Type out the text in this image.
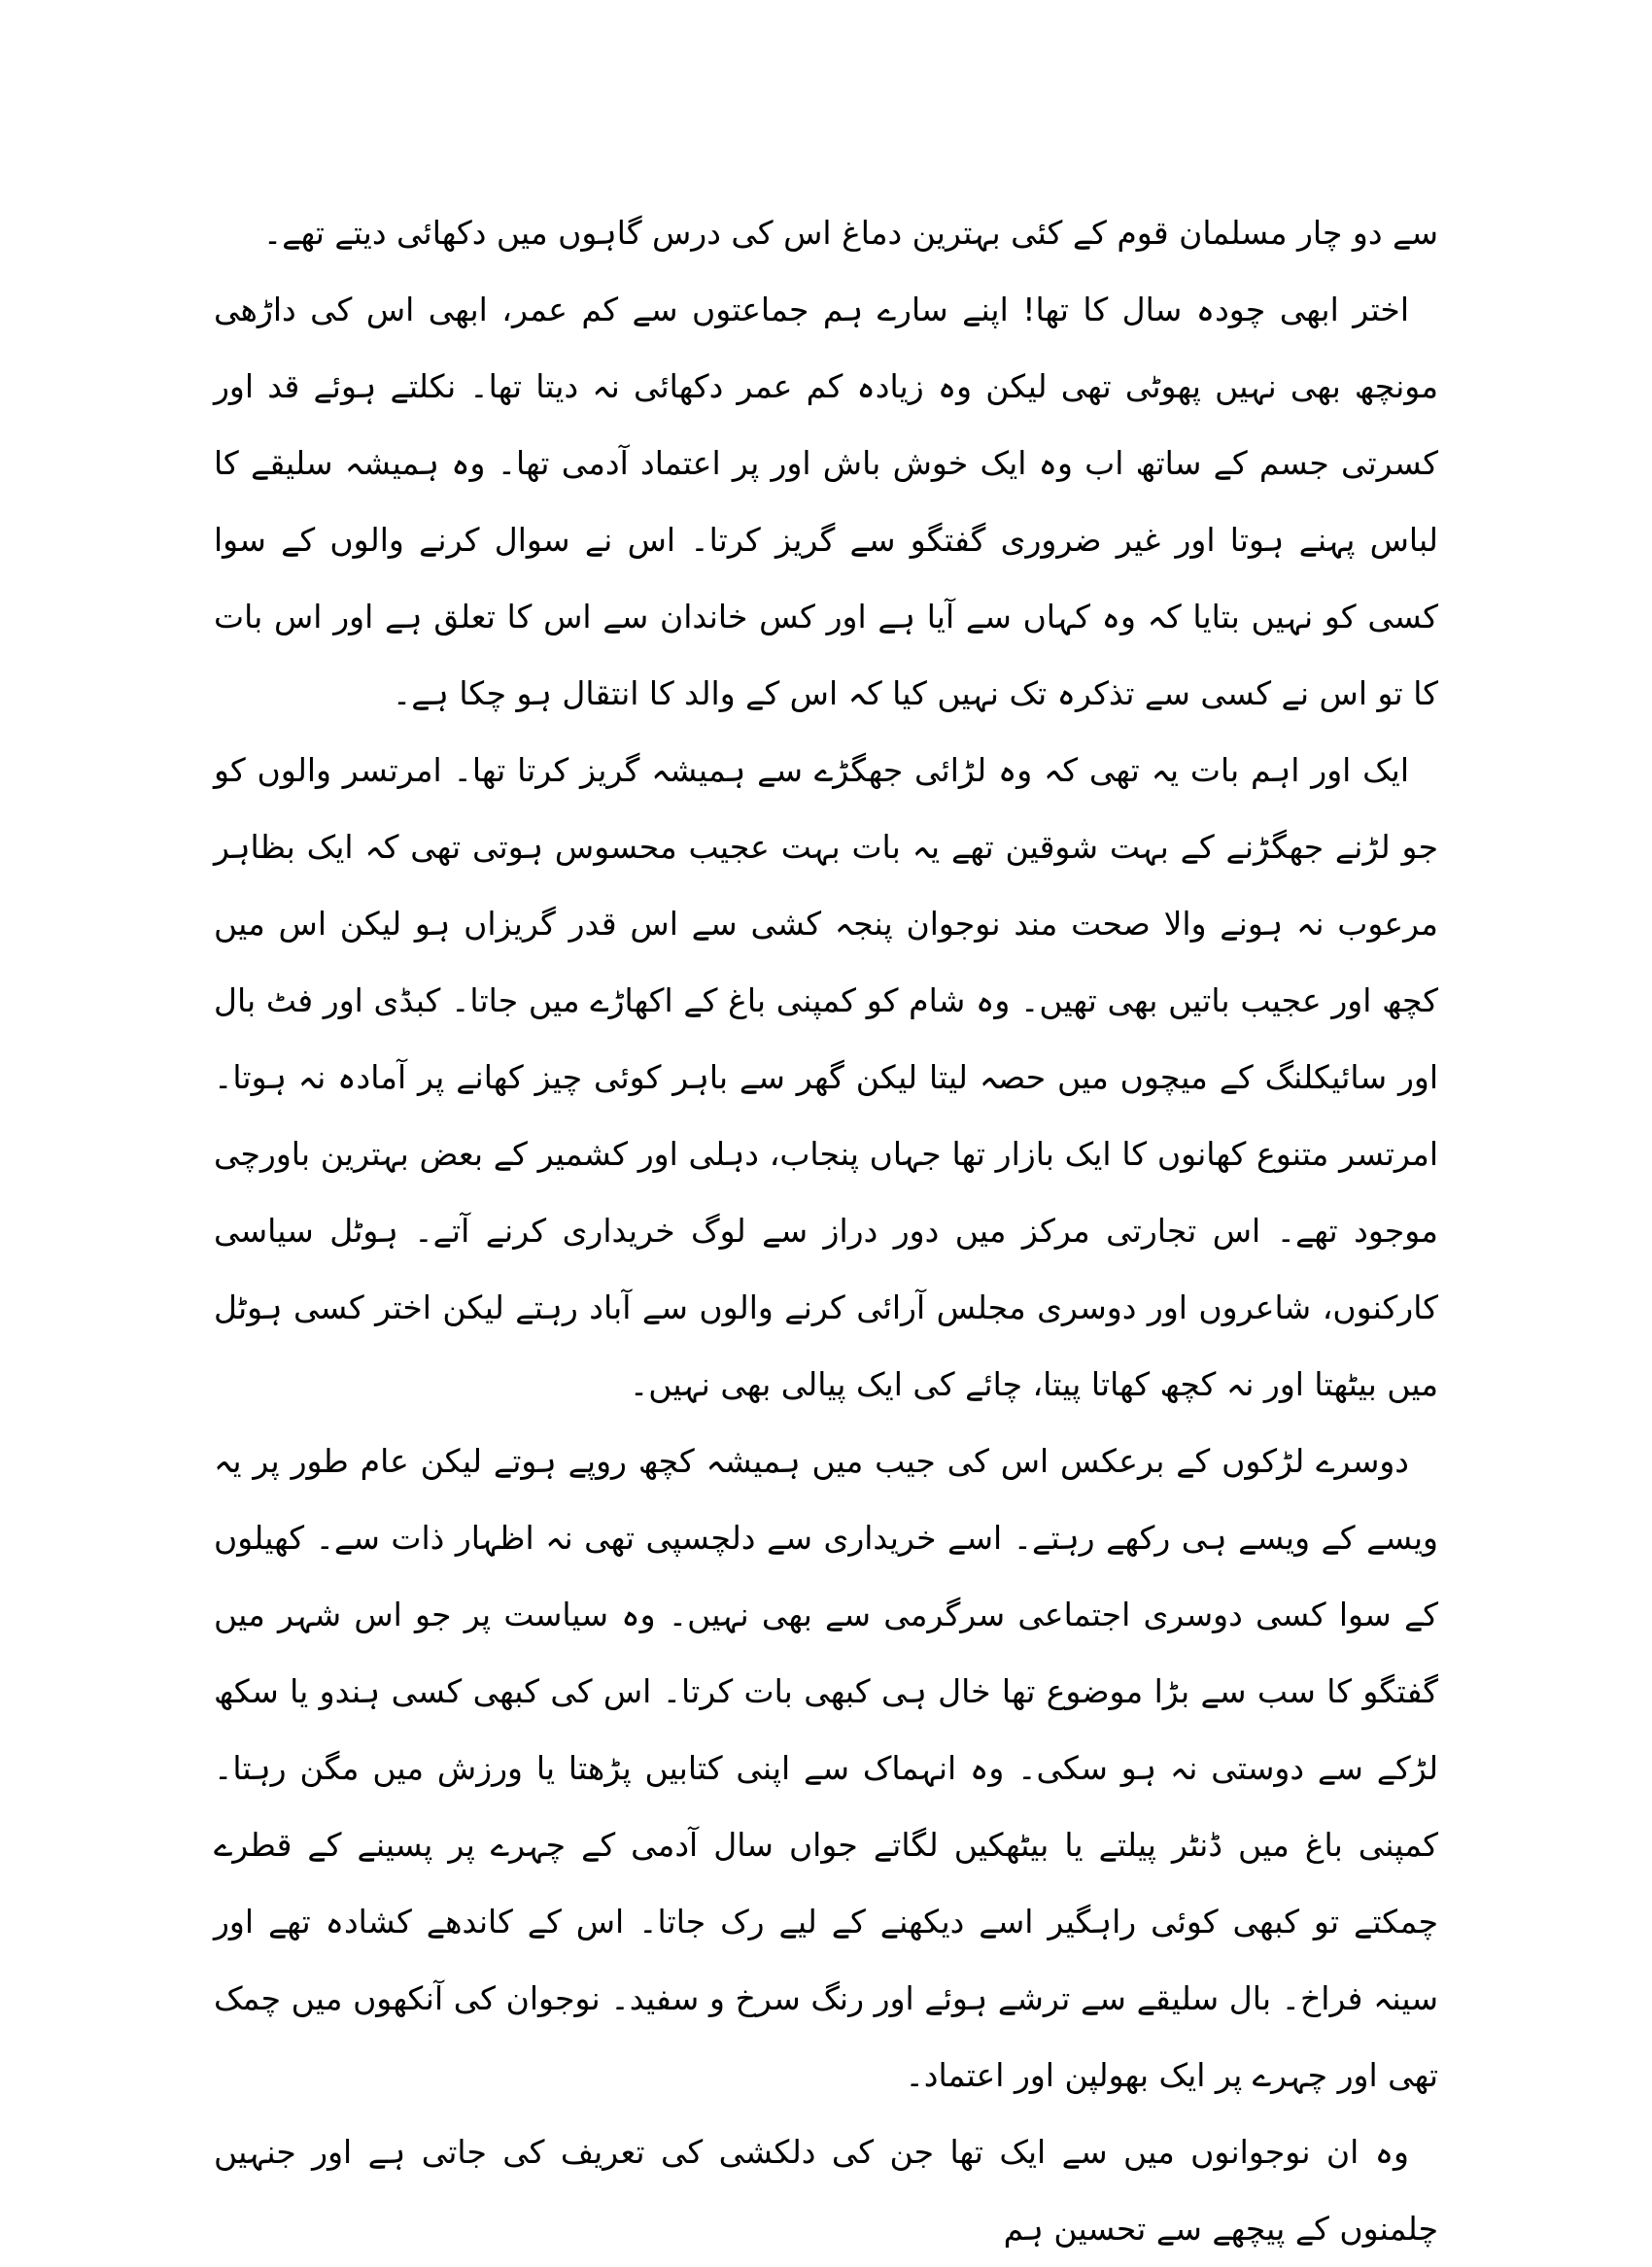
سے دو چار مسلمان قوم کے کئی بہترین دماغ اس کی درس گاہوں میں دکھائی دیتے تھے۔

اختر ابھی چودہ سال کا تھا! اپنے سارے ہم جماعتوں سے کم عمر، ابھی اس کی داڑھی مونچھ بھی نہیں پھوٹی تھی لیکن وہ زیادہ کم عمر دکھائی نہ دیتا تھا۔ نکلتے ہوئے قد اور کسرتی جسم کے ساتھ اب وہ ایک خوش باش اور پر اعتماد آدمی تھا۔ وہ ہمیشہ سلیقے کا لباس پہنے ہوتا اور غیر ضروری گفتگو سے گریز کرتا۔ اس نے سوال کرنے والوں کے سوا کسی کو نہیں بتایا کہ وہ کہاں سے آیا ہے اور کس خاندان سے اس کا تعلق ہے اور اس بات کا تو اس نے کسی سے تذکرہ تک نہیں کیا کہ اس کے والد کا انتقال ہو چکا ہے۔

ایک اور اہم بات یہ تھی کہ وہ لڑائی جھگڑے سے ہمیشہ گریز کرتا تھا۔ امرتسر والوں کو جو لڑنے جھگڑنے کے بہت شوقین تھے یہ بات بہت عجیب محسوس ہوتی تھی کہ ایک بظاہر مرعوب نہ ہونے والا صحت مند نوجوان پنجہ کشی سے اس قدر گریزاں ہو لیکن اس میں کچھ اور عجیب باتیں بھی تھیں۔ وہ شام کو کمپنی باغ کے اکھاڑے میں جاتا۔ کبڈی اور فٹ بال اور سائیکلنگ کے میچوں میں حصہ لیتا لیکن گھر سے باہر کوئی چیز کھانے پر آمادہ نہ ہوتا۔ امرتسر متنوع کھانوں کا ایک بازار تھا جہاں پنجاب، دہلی اور کشمیر کے بعض بہترین باورچی موجود تھے۔ اس تجارتی مرکز میں دور دراز سے لوگ خریداری کرنے آتے۔ ہوٹل سیاسی کارکنوں، شاعروں اور دوسری مجلس آرائی کرنے والوں سے آباد رہتے لیکن اختر کسی ہوٹل میں بیٹھتا اور نہ کچھ کھاتا پیتا، چائے کی ایک پیالی بھی نہیں۔

دوسرے لڑکوں کے برعکس اس کی جیب میں ہمیشہ کچھ روپے ہوتے لیکن عام طور پر یہ ویسے کے ویسے ہی رکھے رہتے۔ اسے خریداری سے دلچسپی تھی نہ اظہار ذات سے۔ کھیلوں کے سوا کسی دوسری اجتماعی سرگرمی سے بھی نہیں۔ وہ سیاست پر جو اس شہر میں گفتگو کا سب سے بڑا موضوع تھا خال ہی کبھی بات کرتا۔ اس کی کبھی کسی ہندو یا سکھ لڑکے سے دوستی نہ ہو سکی۔ وہ انہماک سے اپنی کتابیں پڑھتا یا ورزش میں مگن رہتا۔ کمپنی باغ میں ڈنٹر پیلتے یا بیٹھکیں لگاتے جواں سال آدمی کے چہرے پر پسینے کے قطرے چمکتے تو کبھی کوئی راہگیر اسے دیکھنے کے لیے رک جاتا۔ اس کے کاندھے کشادہ تھے اور سینہ فراخ۔ بال سلیقے سے ترشے ہوئے اور رنگ سرخ و سفید۔ نوجوان کی آنکھوں میں چمک تھی اور چہرے پر ایک بھولپن اور اعتماد۔

وہ ان نوجوانوں میں سے ایک تھا جن کی دلکشی کی تعریف کی جاتی ہے اور جنہیں چلمنوں کے پیچھے سے تحسین ہم
